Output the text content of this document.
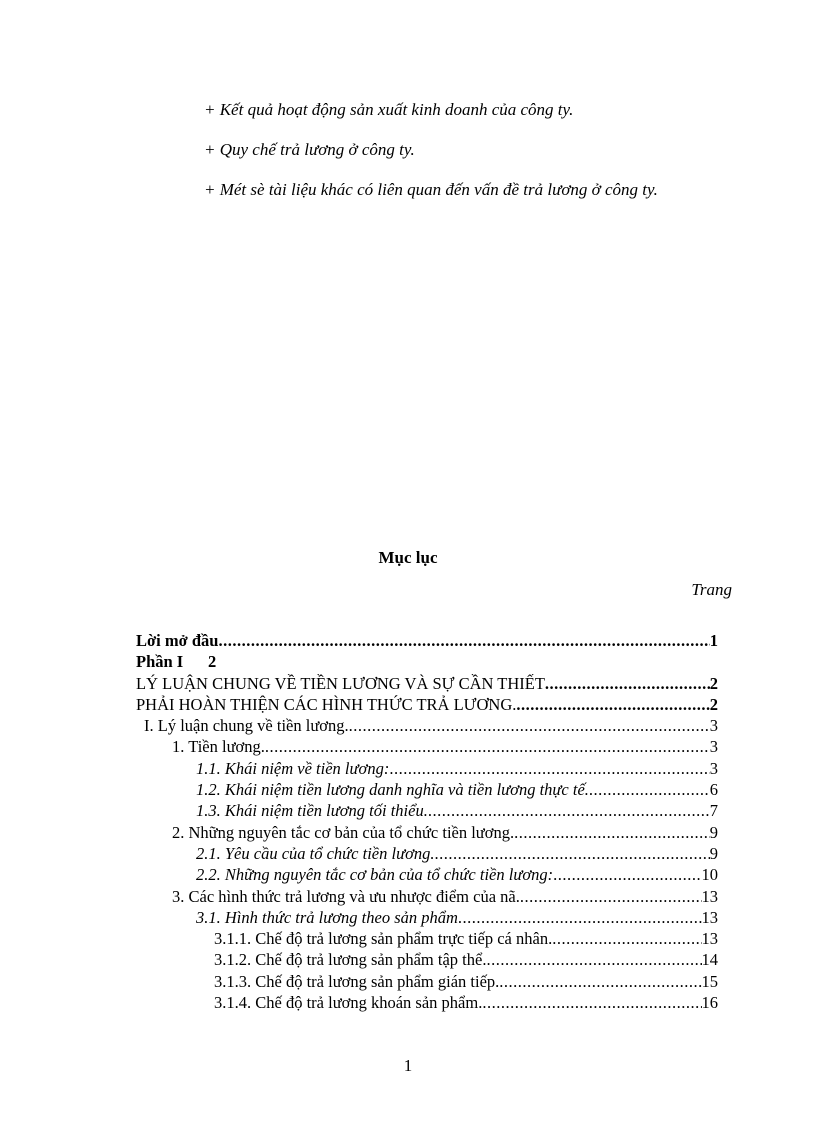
+ Kết quả hoạt động sản xuất kinh doanh của công ty.
+ Quy chế trả lương ở công ty.
+ Mét sè tài liệu khác có liên quan đến vấn đề trả lương ở công ty.
Mục lục
Trang
Lời mở đầu .....	1
Phần I 2
LÝ LUẬN CHUNG VỀ TIỀN LƯƠNG VÀ SỰ CẦN THIẾT .....	2
PHẢI HOÀN THIỆN CÁC HÌNH THỨC TRẢ LƯƠNG. .....	2
I. Lý luận chung về tiền lương. .....	3
1. Tiền lương. .....	3
1.1. Khái niệm về tiền lương: .....	3
1.2. Khái niệm tiền lương danh nghĩa và tiền lương thực tế. .....	6
1.3. Khái niệm tiền lương tối thiểu. .....	7
2. Những nguyên tắc cơ bản của tổ chức tiền lương. .....	9
2.1. Yêu cầu của tổ chức tiền lương. .....	9
2.2. Những nguyên tắc cơ bản của tổ chức tiền lương: .....	10
3. Các hình thức trả lương và ưu nhược điểm của nã. .....	13
3.1. Hình thức trả lương theo sản phẩm .....	13
3.1.1. Chế độ trả lương sản phẩm trực tiếp cá nhân. .....	13
3.1.2. Chế độ trả lương sản phẩm tập thể. .....	14
3.1.3. Chế độ trả lương sản phẩm gián tiếp. .....	15
3.1.4. Chế độ trả lương khoán sản phẩm. .....	16
1
